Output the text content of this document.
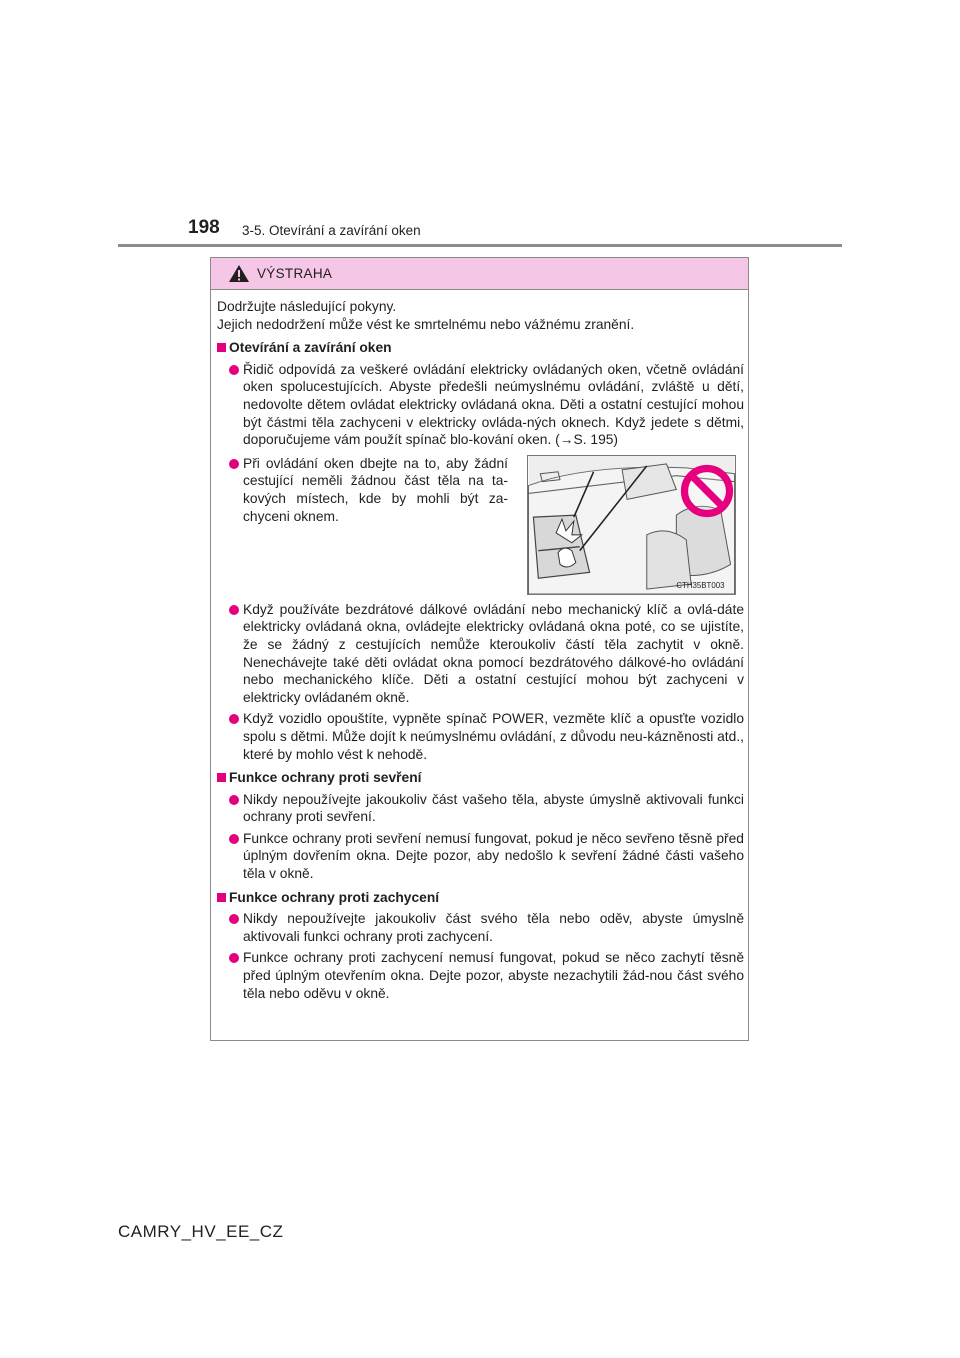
198 3-5. Otevírání a zavírání oken
VÝSTRAHA

Dodržujte následující pokyny.

Jejich nedodržení může vést ke smrtelnému nebo vážnému zranění.

Otevírání a zavírání oken
Řidič odpovídá za veškeré ovládání elektricky ovládaných oken, včetně ovládání oken spolucestujících. Abyste předešli neúmyslnému ovládání, zvláště u dětí, nedovolte dětem ovládat elektricky ovládaná okna. Děti a ostatní cestující mohou být částmi těla zachyceni v elektricky ovláda-ných oknech. Když jedete s dětmi, doporučujeme vám použít spínač blo-kování oken. (→S. 195)
Při ovládání oken dbejte na to, aby žádní cestující neměli žádnou část těla na ta-kových místech, kde by mohli být za-chyceni oknem.
CTH35BT003
Když používáte bezdrátové dálkové ovládání nebo mechanický klíč a ovlá-dáte elektricky ovládaná okna, ovládejte elektricky ovládaná okna poté, co se ujistíte, že se žádný z cestujících nemůže kteroukoliv částí těla zachytit v okně. Nenechávejte také děti ovládat okna pomocí bezdrátového dálkové-ho ovládání nebo mechanického klíče. Děti a ostatní cestující mohou být zachyceni v elektricky ovládaném okně.
Když vozidlo opouštíte, vypněte spínač POWER, vezměte klíč a opusťte vozidlo spolu s dětmi. Může dojít k neúmyslnému ovládání, z důvodu neu-kázněnosti atd., které by mohlo vést k nehodě.
Funkce ochrany proti sevření
Nikdy nepoužívejte jakoukoliv část vašeho těla, abyste úmyslně aktivovali funkci ochrany proti sevření.
Funkce ochrany proti sevření nemusí fungovat, pokud je něco sevřeno těsně před úplným dovřením okna. Dejte pozor, aby nedošlo k sevření žádné části vašeho těla v okně.
Funkce ochrany proti zachycení
Nikdy nepoužívejte jakoukoliv část svého těla nebo oděv, abyste úmyslně aktivovali funkci ochrany proti zachycení.
Funkce ochrany proti zachycení nemusí fungovat, pokud se něco zachytí těsně před úplným otevřením okna. Dejte pozor, abyste nezachytili žád-nou část svého těla nebo oděvu v okně.
CAMRY_HV_EE_CZ
